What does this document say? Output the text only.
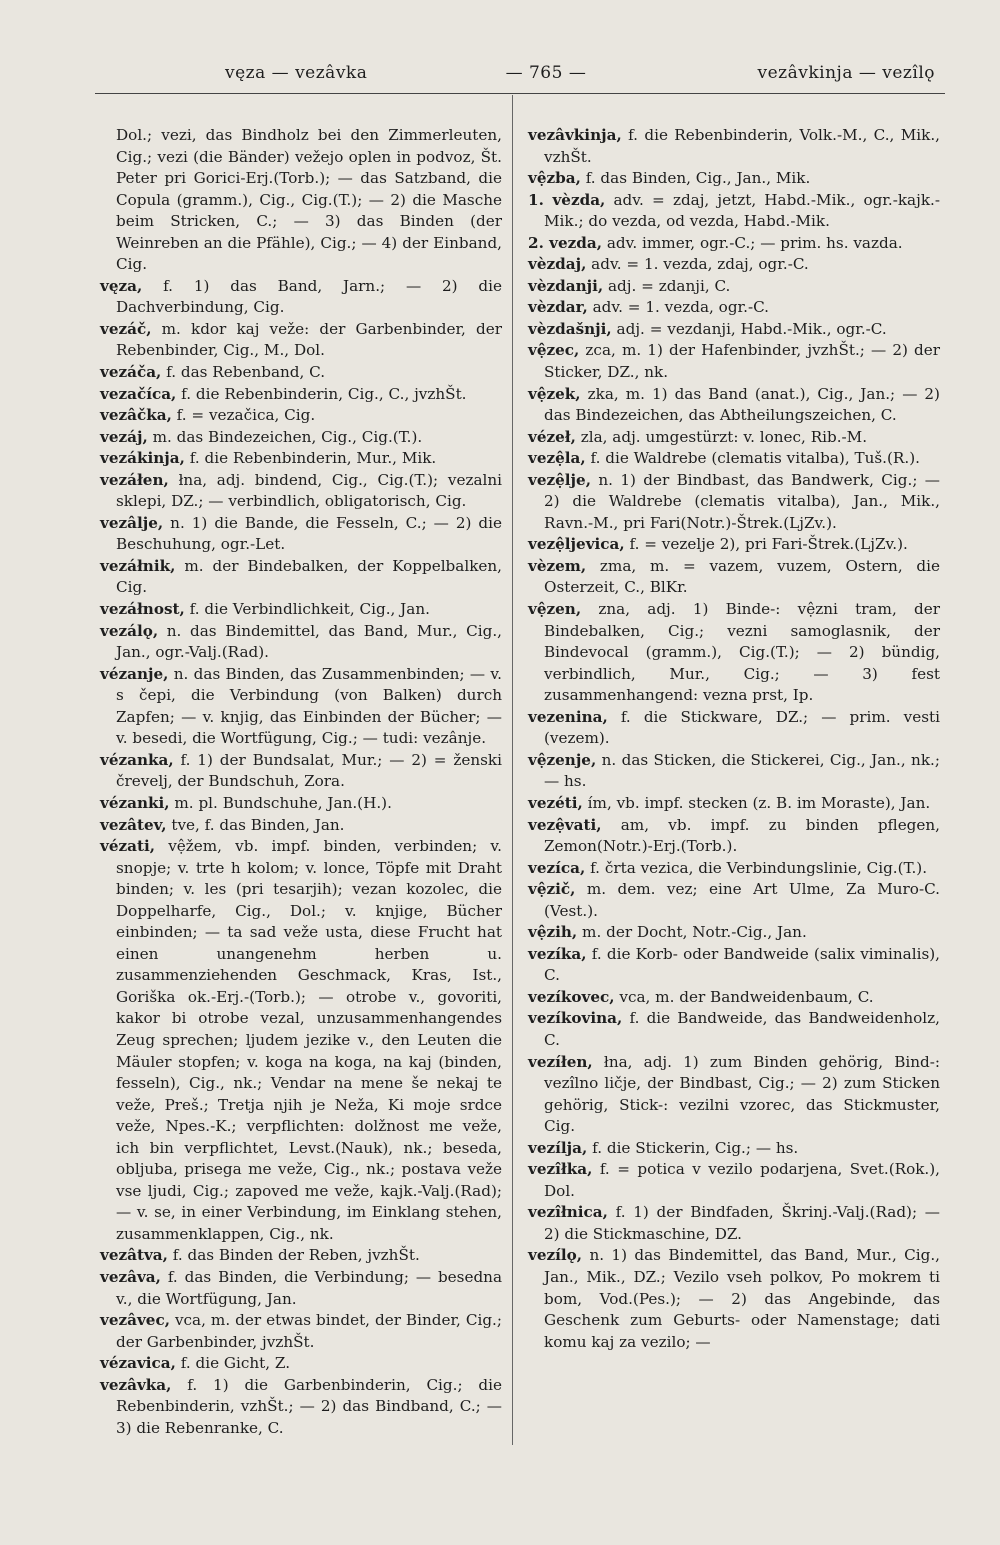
vęza — vezâvka	— 765 —	vezâvkinja — vezîlǫ
Dol.; vezi, das Bindholz bei den Zimmerleuten, Cig.; vezi (die Bänder) vežejo oplen in podvoz, Št. Peter pri Gorici-Erj.(Torb.); — das Satzband, die Copula (gramm.), Cig., Cig.(T.); — 2) die Masche beim Stricken, C.; — 3) das Binden (der Weinreben an die Pfähle), Cig.; — 4) der Einband, Cig.
vęza, f. 1) das Band, Jarn.; — 2) die Dachverbindung, Cig.
vezáč, m. kdor kaj veže: der Garbenbinder, der Rebenbinder, Cig., M., Dol.
vezáča, f. das Rebenband, C.
vezačíca, f. die Rebenbinderin, Cig., C., jvzhŠt.
vezâčka, f. = vezačica, Cig.
vezáj, m. das Bindezeichen, Cig., Cig.(T.).
vezákinja, f. die Rebenbinderin, Mur., Mik.
vezáłen, łna, adj. bindend, Cig., Cig.(T.); vezalni sklepi, DZ.; — verbindlich, obligatorisch, Cig.
vezâlje, n. 1) die Bande, die Fesseln, C.; — 2) die Beschuhung, ogr.-Let.
vezáłnik, m. der Bindebalken, der Koppelbalken, Cig.
vezáłnost, f. die Verbindlichkeit, Cig., Jan.
vezálǫ, n. das Bindemittel, das Band, Mur., Cig., Jan., ogr.-Valj.(Rad).
vézanje, n. das Binden, das Zusammenbinden; — v. s čepi, die Verbindung (von Balken) durch Zapfen; — v. knjig, das Einbinden der Bücher; — v. besedi, die Wortfügung, Cig.; — tudi: vezânje.
vézanka, f. 1) der Bundsalat, Mur.; — 2) = ženski črevelj, der Bundschuh, Zora.
vézanki, m. pl. Bundschuhe, Jan.(H.).
vezâtev, tve, f. das Binden, Jan.
vézati, vệžem, vb. impf. binden, verbinden; v. snopje; v. trte h kolom; v. lonce, Töpfe mit Draht binden; v. les (pri tesarjih); vezan kozolec, die Doppelharfe, Cig., Dol.; v. knjige, Bücher einbinden; — ta sad veže usta, diese Frucht hat einen unangenehm herben u. zusammenziehenden Geschmack, Kras, Ist., Goriška ok.-Erj.-(Torb.); — otrobe v., govoriti, kakor bi otrobe vezal, unzusammenhangendes Zeug sprechen; ljudem jezike v., den Leuten die Mäuler stopfen; v. koga na koga, na kaj (binden, fesseln), Cig., nk.; Vendar na mene še nekaj te veže, Preš.; Tretja njih je Neža, Ki moje srdce veže, Npes.-K.; verpflichten: dolžnost me veže, ich bin verpflichtet, Levst.(Nauk), nk.; beseda, obljuba, prisega me veže, Cig., nk.; postava veže vse ljudi, Cig.; zapoved me veže, kajk.-Valj.(Rad); — v. se, in einer Verbindung, im Einklang stehen, zusammenklappen, Cig., nk.
vezâtva, f. das Binden der Reben, jvzhŠt.
vezâva, f. das Binden, die Verbindung; — besedna v., die Wortfügung, Jan.
vezâvec, vca, m. der etwas bindet, der Binder, Cig.; der Garbenbinder, jvzhŠt.
vézavica, f. die Gicht, Z.
vezâvka, f. 1) die Garbenbinderin, Cig.; die Rebenbinderin, vzhŠt.; — 2) das Bindband, C.; — 3) die Rebenranke, C.
vezâvkinja, f. die Rebenbinderin, Volk.-M., C., Mik., vzhŠt.
vệzba, f. das Binden, Cig., Jan., Mik.
1. vèzda, adv. = zdaj, jetzt, Habd.-Mik., ogr.-kajk.-Mik.; do vezda, od vezda, Habd.-Mik.
2. vezda, adv. immer, ogr.-C.; — prim. hs. vazda.
vèzdaj, adv. = 1. vezda, zdaj, ogr.-C.
vèzdanji, adj. = zdanji, C.
vèzdar, adv. = 1. vezda, ogr.-C.
vèzdašnji, adj. = vezdanji, Habd.-Mik., ogr.-C.
vệzec, zca, m. 1) der Hafenbinder, jvzhŠt.; — 2) der Sticker, DZ., nk.
vệzek, zka, m. 1) das Band (anat.), Cig., Jan.; — 2) das Bindezeichen, das Abtheilungszeichen, C.
vézeł, zla, adj. umgestürzt: v. lonec, Rib.-M.
vezệla, f. die Waldrebe (clematis vitalba), Tuš.(R.).
vezệlje, n. 1) der Bindbast, das Bandwerk, Cig.; — 2) die Waldrebe (clematis vitalba), Jan., Mik., Ravn.-M., pri Fari(Notr.)-Štrek.(LjZv.).
vezệljevica, f. = vezelje 2), pri Fari-Štrek.(LjZv.).
vèzem, zma, m. = vazem, vuzem, Ostern, die Osterzeit, C., BlKr.
vệzen, zna, adj. 1) Binde-: vệzni tram, der Bindebalken, Cig.; vezni samoglasnik, der Bindevocal (gramm.), Cig.(T.); — 2) bündig, verbindlich, Mur., Cig.; — 3) fest zusammenhangend: vezna prst, Ip.
vezenina, f. die Stickware, DZ.; — prim. vesti (vezem).
vệzenje, n. das Sticken, die Stickerei, Cig., Jan., nk.; — hs.
vezéti, ím, vb. impf. stecken (z. B. im Moraste), Jan.
vezệvati, am, vb. impf. zu binden pflegen, Zemon(Notr.)-Erj.(Torb.).
vezíca, f. črta vezica, die Verbindungslinie, Cig.(T.).
vệzič, m. dem. vez; eine Art Ulme, Za Muro-C.(Vest.).
vệzih, m. der Docht, Notr.-Cig., Jan.
vezíka, f. die Korb- oder Bandweide (salix viminalis), C.
vezíkovec, vca, m. der Bandweidenbaum, C.
vezíkovina, f. die Bandweide, das Bandweidenholz, C.
vezíłen, łna, adj. 1) zum Binden gehörig, Bind-: vezîlno ličje, der Bindbast, Cig.; — 2) zum Sticken gehörig, Stick-: vezilni vzorec, das Stickmuster, Cig.
vezílja, f. die Stickerin, Cig.; — hs.
vezîłka, f. = potica v vezilo podarjena, Svet.(Rok.), Dol.
vezîłnica, f. 1) der Bindfaden, Škrinj.-Valj.(Rad); — 2) die Stickmaschine, DZ.
vezílǫ, n. 1) das Bindemittel, das Band, Mur., Cig., Jan., Mik., DZ.; Vezilo vseh polkov, Po mokrem ti bom, Vod.(Pes.); — 2) das Angebinde, das Geschenk zum Geburts- oder Namenstage; dati komu kaj za vezilo; —
